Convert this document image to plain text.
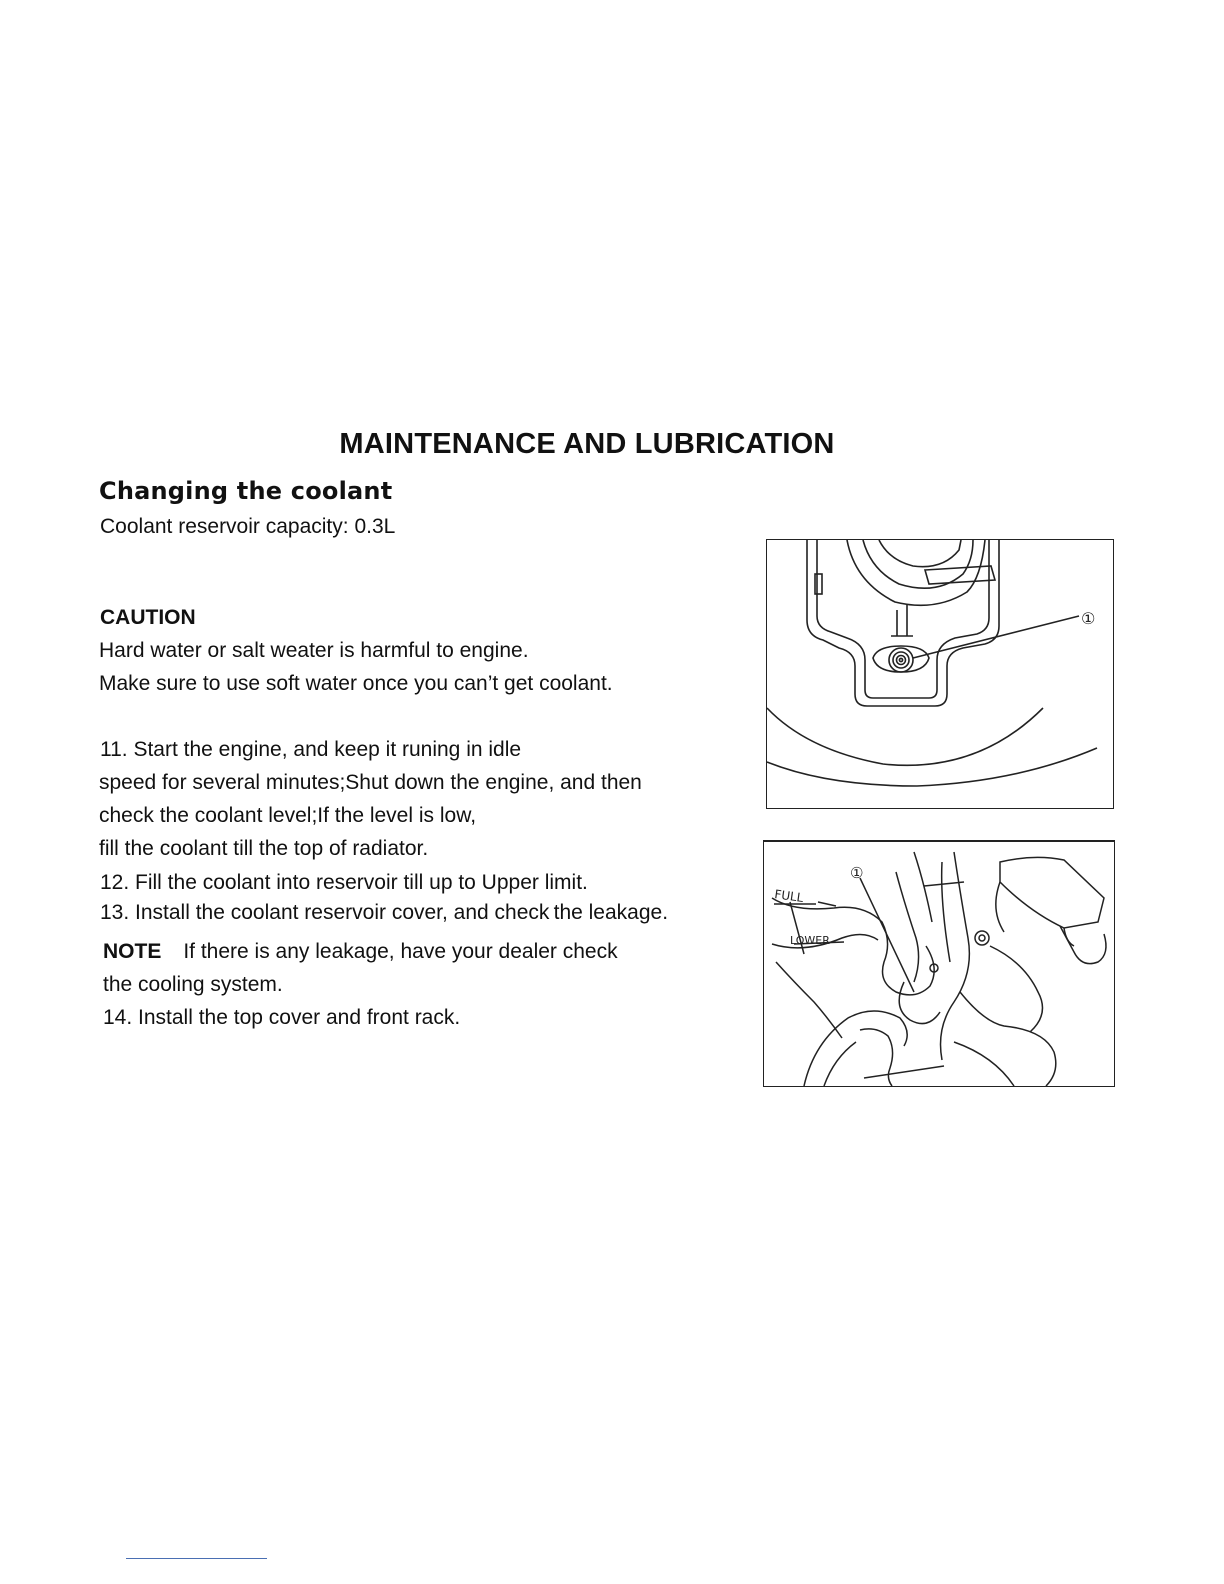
MAINTENANCE AND LUBRICATION
Changing the coolant
Coolant reservoir capacity: 0.3L
CAUTION
Hard water or salt weater is harmful to engine.
Make sure to use soft water once you can’t get coolant.
11. Start the engine, and keep it runing in idle
speed for several minutes;Shut down the engine, and then
check the coolant level;If the level is low,
fill the coolant till the top of radiator.
12. Fill the coolant into reservoir till up to Upper limit.
13. Install the coolant reservoir cover, and check the leakage.
NOTE If there is any leakage, have your dealer check
the cooling system.
14. Install the top cover and front rack.
①
①
FULL
LOWER
